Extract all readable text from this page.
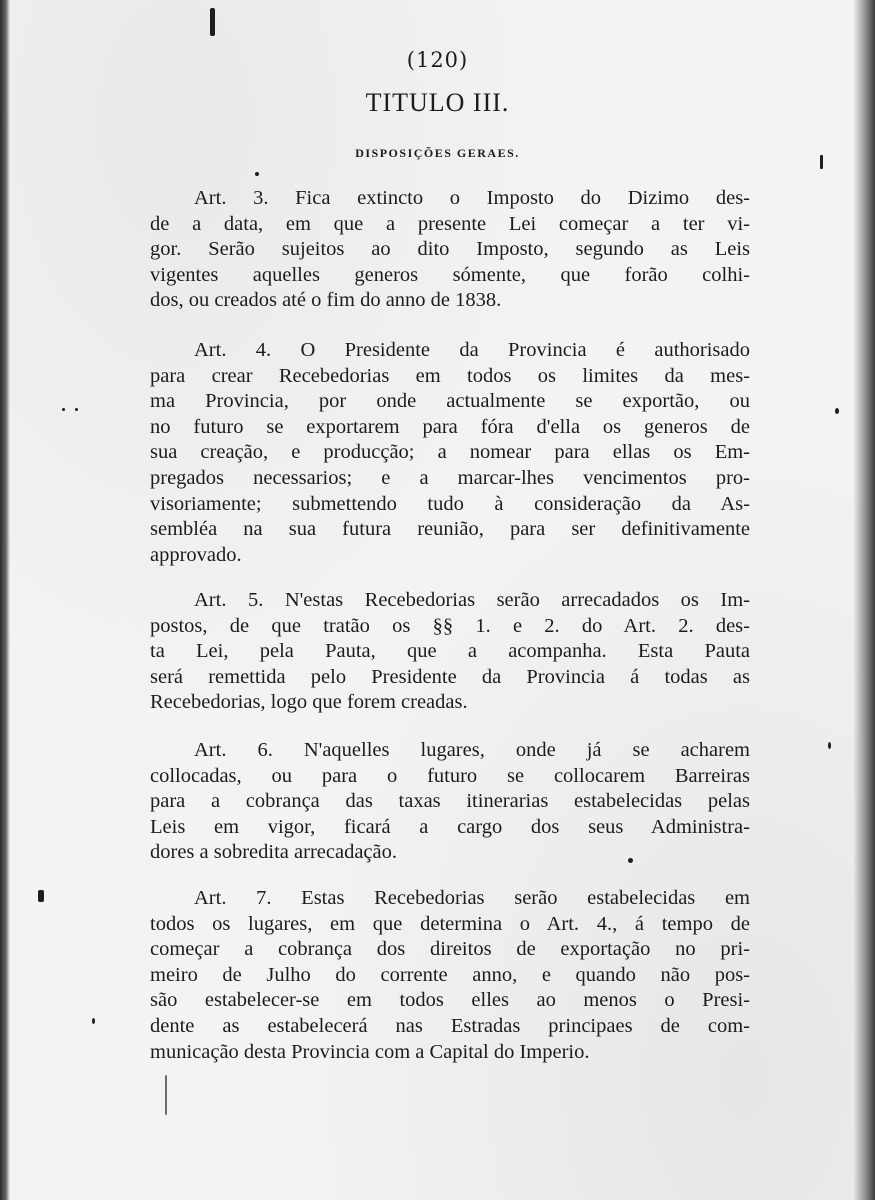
(120)
TITULO III.
DISPOSIÇÕES GERAES.
Art. 3. Fica extincto o Imposto do Dizimo des-
de a data, em que a presente Lei começar a ter vi-
gor. Serão sujeitos ao dito Imposto, segundo as Leis
vigentes aquelles generos sómente, que forão colhi-
dos, ou creados até o fim do anno de 1838.
Art. 4. O Presidente da Provincia é authorisado
para crear Recebedorias em todos os limites da mes-
ma Provincia, por onde actualmente se exportão, ou
no futuro se exportarem para fóra d'ella os generos de
sua creação, e producção; a nomear para ellas os Em-
pregados necessarios; e a marcar-lhes vencimentos pro-
visoriamente; submettendo tudo à consideração da As-
sembléa na sua futura reunião, para ser definitivamente
approvado.
Art. 5. N'estas Recebedorias serão arrecadados os Im-
postos, de que tratão os §§ 1. e 2. do Art. 2. des-
ta Lei, pela Pauta, que a acompanha. Esta Pauta
será remettida pelo Presidente da Provincia á todas as
Recebedorias, logo que forem creadas.
Art. 6. N'aquelles lugares, onde já se acharem
collocadas, ou para o futuro se collocarem Barreiras
para a cobrança das taxas itinerarias estabelecidas pelas
Leis em vigor, ficará a cargo dos seus Administra-
dores a sobredita arrecadação.
Art. 7. Estas Recebedorias serão estabelecidas em
todos os lugares, em que determina o Art. 4., á tempo de
começar a cobrança dos direitos de exportação no pri-
meiro de Julho do corrente anno, e quando não pos-
são estabelecer-se em todos elles ao menos o Presi-
dente as estabelecerá nas Estradas principaes de com-
municação desta Provincia com a Capital do Imperio.
